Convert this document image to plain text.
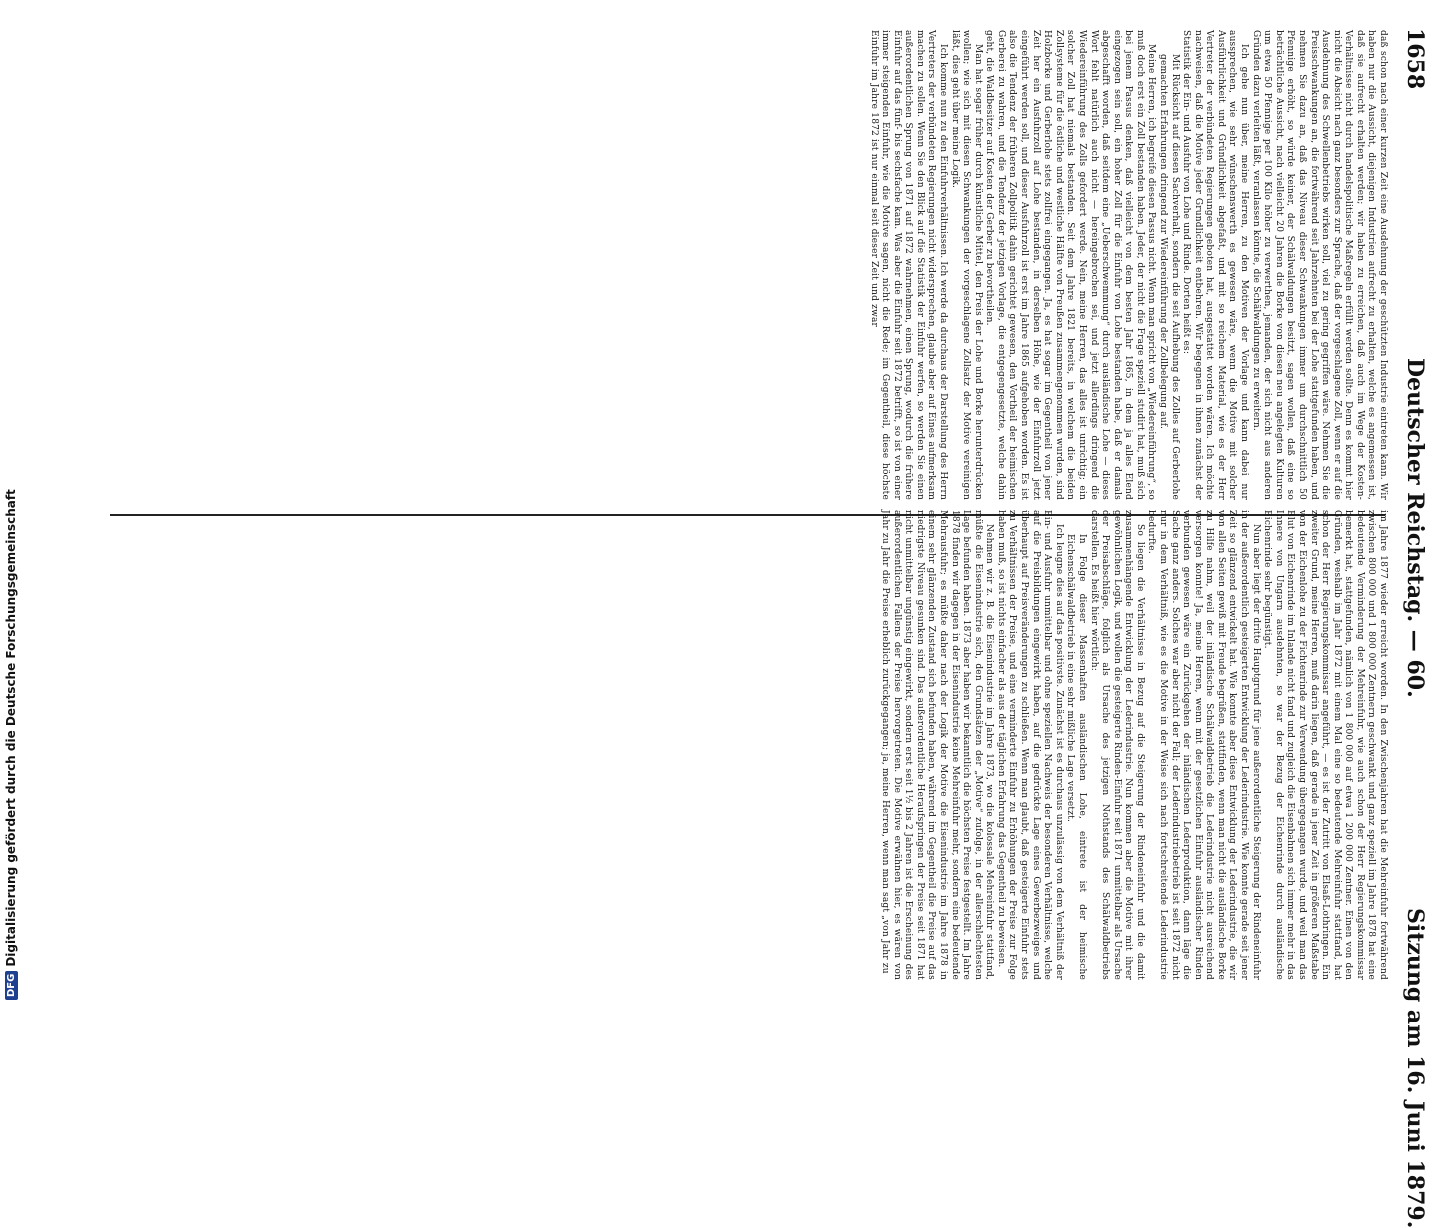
1658
Deutscher Reichstag. — 60.
Sitzung am 16. Juni 1879.

daß schon nach einer kurzen Zeit eine Ausdehnung der geschützten Industrie eintreten kann. Wir haben nur die Aussicht, diejenigen Industrien aufrecht zu erhalten, welche es angemessen ist, daß sie aufrecht erhalten werden; wir haben zu erreichen, daß auch im Wege der Kosten-Verhältnisse nicht durch handelspolitische Maßregeln erfüllt werden sollte. Denn es kommt hier nicht die Absicht nach ganz besonders zur Sprache, daß der vorgeschlagene Zoll, wenn er auf die Ausdehnung des Schwellenbetriebs wirken soll, viel zu gering gegriffen wäre. Nehmen Sie die Preisschwankungen an, die fortwährend seit Jahrzehnten bei der Lohe stattgefunden haben, und nehmen Sie dazu an, daß das Niveau dieser Schwankungen immer um durchschnittlich 50 Pfennige erhöht, so würde keiner, der Schälwaldungen besitzt, sagen wollen, daß eine so beträchtliche Aussicht, nach vielleicht 20 Jahren die Borke von diesen neu angelegten Kulturen um etwa 50 Pfennige per 100 Kilo höher zu verwerthen, jemanden, der sich nicht aus anderen Gründen dazu verleiten läßt, veranlassen könnte, die Schälwaldungen zu erweitern.

Ich gehe nun über, meine Herren, zu den Motiven der Vorlage und kann dabei nur aussprechen, wie sehr wünschenswerth es gewesen wäre, wenn die Motive mit solcher Ausführlichkeit und Gründlichkeit abgefaßt, und mit so reichem Material, wie es der Herr Vertreter der verbündeten Regierungen geboten hat, ausgestattet worden wären. Ich möchte nachweisen, daß die Motive jeder Grundlichkeit entbehren. Wir begegnen in ihnen zunächst der Statistik der Ein- und Ausfuhr von Lohe und Rinde. Dorten heißt es:

Mit Rücksicht auf diesen Sachverhalt, sondern die seit Aufhebung des Zolles auf Gerberlohe gemachten Erfahrungen dringend zur Wiedereinführung der Zollbelegung auf.

Meine Herren, ich begreife diesen Passus nicht. Wenn man spricht von „Wiedereinführung“, so muß doch erst ein Zoll bestanden haben. Jeder, der nicht die Frage speziell studirt hat, muß sich bei jenem Passus denken, daß vielleicht von dem besten Jahr 1865, in dem ja alles Elend eingezogen sein soll, ein hoher Zoll für die Einfuhr von Lohe bestanden habe, daß er damals abgeschafft worden, daß seitdem eine „Ueberschwemmung“ durch ausländische Lohe — dieses Wort fehlt natürlich auch nicht — hereingebrochen sei, und jetzt allerdings dringend die Wiedereinführung des Zolls gefordert werde. Nein, meine Herren, das alles ist unrichtig; ein solcher Zoll hat niemals bestanden. Seit dem Jahre 1821 bereits, in welchem die beiden Zollsysteme für die östliche und westliche Hälfte von Preußen zusammengenommen wurden, sind Holzborke und Gerberlohe stets zollfrei eingegangen. Ja, es hat sogar im Gegentheil von jener Zeit her ein Ausfuhrzoll auf Lohe bestanden, in derselben Höhe, wie der Einfuhrzoll jetzt eingeführt werden soll, und dieser Ausfuhrzoll ist erst im Jahre 1865 aufgehoben worden. Es ist also die Tendenz der früheren Zollpolitik dahin gerichtet gewesen, den Vortheil der heimischen Gerberei zu wahren, und die Tendenz der jetzigen Vorlage, die entgegengesetzte, welche dahin geht, die Waldbesitzer auf Kosten der Gerber zu bevortheilen.

Man hat sogar früher durch künstliche Mittel, den Preis der Lohe und Borke herunterdrücken wollen; wie sich mit diesen Schwankungen der vorgeschlagene Zollsatz der Motive vereinigen läßt, dies geht über meine Logik.

Ich komme nun zu den Einfuhrverhältnissen. Ich werde da durchaus der Darstellung des Herrn Vertreters der verbündeten Regierungen nicht widersprechen, glaube aber auf Eines aufmerksam machen zu sollen. Wenn Sie den Blick auf die Statistik der Einfuhr werfen, so werden Sie einen außerordentlichen Sprung von 1871 auf 1872 wahrnehmen, einen Sprung, wodurch die frühere Einfuhr auf das fünf- bis sechsfache kam. Was aber die Einfuhr seit 1872 betrifft, so ist von einer immer steigenden Einfuhr, wie die Motive sagen, nicht die Rede; im Gegentheil, diese höchste Einfuhr im Jahre 1872 ist nur einmal seit dieser Zeit und zwar

im Jahre 1877 wieder erreicht worden. In den Zwischenjahren hat die Mehreinfuhr fortwährend zwischen 800 000 und 1 800 000 Zentnern geschwankt und ganz speziell im Jahre 1878 hat eine bedeutende Verminderung der Mehreinfuhr, wie auch schon der Herr Regierungskommissar bemerkt hat, stattgefunden, nämlich von 1 800 000 auf etwa 1 200 000 Zentner. Einen von den Gründen, weshalb im Jahr 1872 mit einem Mal eine so bedeutende Mehreinfuhr stattfand, hat schon der Herr Regierungskommissar angeführt, — es ist der Zutritt von Elsaß-Lothringen. Ein zweiter Grund, meine Herren, muß darin liegen, daß gerade in jener Zeit in größeren Maßstabe von der Eichenlohe zu der Fichtenrinde zur Verwendung übergegangen wurde, und weil man das Blut von Eichenrinde im Inlande nicht fand und zugleich die Eisenbahnen sich immer mehr in das Innere von Ungarn ausdehnten, so war der Bezug der Eichenrinde durch ausländische Eichenrinde sehr begünstigt.

Nun aber liegt der dritte Hauptgrund für jene außerordentliche Steigerung der Rindeneinfuhr in der außerordentlich gesteigerten Entwicklung der Lederindustrie. Wie konnte gerade seit jener Zeit so glänzend entwickelt hat. Wie konnte aber diese Entwicklung der Lederindustrie, die wir von allen Seiten gewiß mit Freude begrüßen, stattfinden, wenn man nicht die ausländische Borke zu Hilfe nahm, weil der inländische Schälwaldbetrieb die Lederindustrie nicht ausreichend versorgen konnte! Ja, meine Herren, wenn mit der gesetzlichen Einfuhr ausländischer Rinden verbunden gewesen wäre ein Zurückgehen der inländischen Lederproduktion, dann läge die Sache ganz anders. Solches war aber nicht der Fall; der Lederindustriebetrieb ist seit 1872 nicht nur in dem Verhältniß, wie es die Motive in der Weise sich nach fortschreitende Lederindustrie bedurfte.

So liegen die Verhältnisse in Bezug auf die Steigerung der Rindeneinfuhr und die damit zusammenhängende Entwicklung der Lederindustrie. Nun kommen aber die Motive mit ihrer gewöhnlichen Logik, und wollen die gesteigerte Rinden-Einfuhr seit 1871 unmittelbar als Ursache der Preisabschläge, folglich als Ursache des jetzigen Nothstands des Schälwaldbetriebs darstellen. Es heißt hier wörtlich:

In Folge dieser Massenhaften ausländischen Lohe, eintrete ist der heimische Eichenschälwaldbetrieb in eine sehr mißliche Lage versetzt.

Ich leugne dies auf das positivste. Zunächst ist es durchaus unzulässig von dem Verhältniß der Ein- und Ausfuhr unmittelbar und ohne speziellen Nachweis der besonderen Verhältnisse, welche auf die Preisbildungen eingewirkt haben, auf die gedrückte Lage eines Gewerbezweiges und überhaupt auf Preisveränderungen zu schließen. Wenn man glaubt, daß gesteigerte Einfuhr stets zu Verhältnissen der Preise, und eine verminderte Einfuhr zu Erhöhungen der Preise zur Folge haben muß, so ist nichts einfacher als aus der täglichen Erfahrung das Gegentheil zu beweisen.

Nehmen wir z. B. die Eisenindustrie im Jahre 1873, wo die kolossale Mehreinfuhr stattfand, müßte die Eisenindustrie sich, den Grundsätzen der „Motive“ zufolge, in der allerschlechtesten Lage befunden haben. 1873 aber haben wir bekanntlich die höchsten Preise festgestellt. Im Jahre 1878 finden wir dagegen in der Eisenindustrie keine Mehreinfuhr mehr, sondern eine bedeutende Mehrausfuhr; es müßte daher nach der Logik der Motive die Eisenindustrie im Jahre 1878 in einem sehr glänzenden Zustand sich befunden haben, während im Gegentheil die Preise auf das niedrigste Niveau gesunken sind. Das außerordentliche Heraufspringen der Preise seit 1871 hat nicht unmittelbar ungünstig eingewirkt, sondern erst seit 1½ bis 2 Jahren ist die Erscheinung des außerordentlichen Fallens der Preise hervorgetreten. Die Motive erwähnen hier, es wären von Jahr zu Jahr die Preise erheblich zurückgegangen; ja, meine Herren, wenn man sagt „von Jahr zu

DFG
Digitalisierung gefördert durch die Deutsche Forschungsgemeinschaft
